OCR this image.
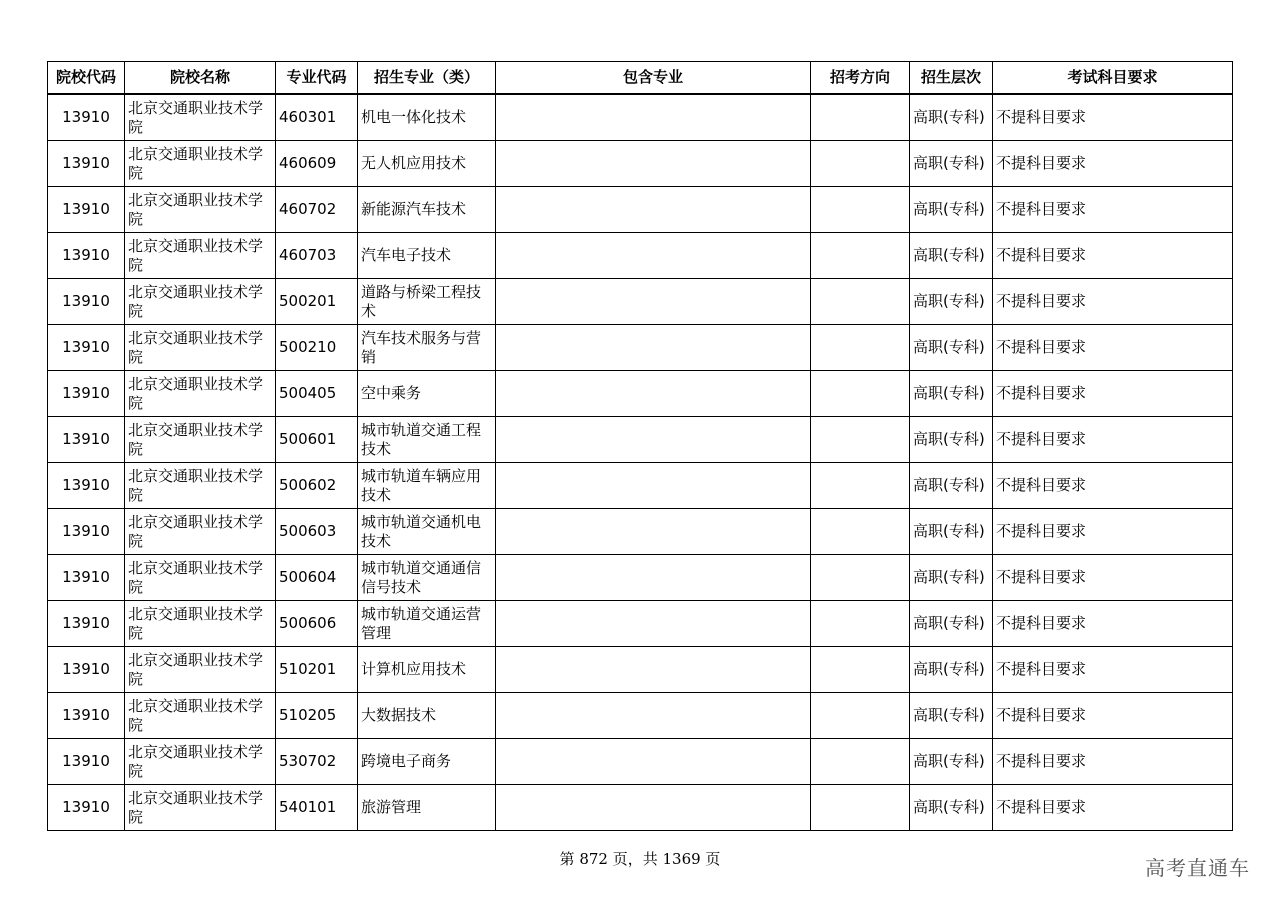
院校代码	院校名称	专业代码	招生专业（类）	包含专业	招考方向	招生层次	考试科目要求
13910	北京交通职业技术学院	460301	机电一体化技术			高职(专科)	不提科目要求
13910	北京交通职业技术学院	460609	无人机应用技术			高职(专科)	不提科目要求
13910	北京交通职业技术学院	460702	新能源汽车技术			高职(专科)	不提科目要求
13910	北京交通职业技术学院	460703	汽车电子技术			高职(专科)	不提科目要求
13910	北京交通职业技术学院	500201	道路与桥梁工程技术			高职(专科)	不提科目要求
13910	北京交通职业技术学院	500210	汽车技术服务与营销			高职(专科)	不提科目要求
13910	北京交通职业技术学院	500405	空中乘务			高职(专科)	不提科目要求
13910	北京交通职业技术学院	500601	城市轨道交通工程技术			高职(专科)	不提科目要求
13910	北京交通职业技术学院	500602	城市轨道车辆应用技术			高职(专科)	不提科目要求
13910	北京交通职业技术学院	500603	城市轨道交通机电技术			高职(专科)	不提科目要求
13910	北京交通职业技术学院	500604	城市轨道交通通信信号技术			高职(专科)	不提科目要求
13910	北京交通职业技术学院	500606	城市轨道交通运营管理			高职(专科)	不提科目要求
13910	北京交通职业技术学院	510201	计算机应用技术			高职(专科)	不提科目要求
13910	北京交通职业技术学院	510205	大数据技术			高职(专科)	不提科目要求
13910	北京交通职业技术学院	530702	跨境电子商务			高职(专科)	不提科目要求
13910	北京交通职业技术学院	540101	旅游管理			高职(专科)	不提科目要求
第 872 页，共 1369 页	高考直通车
